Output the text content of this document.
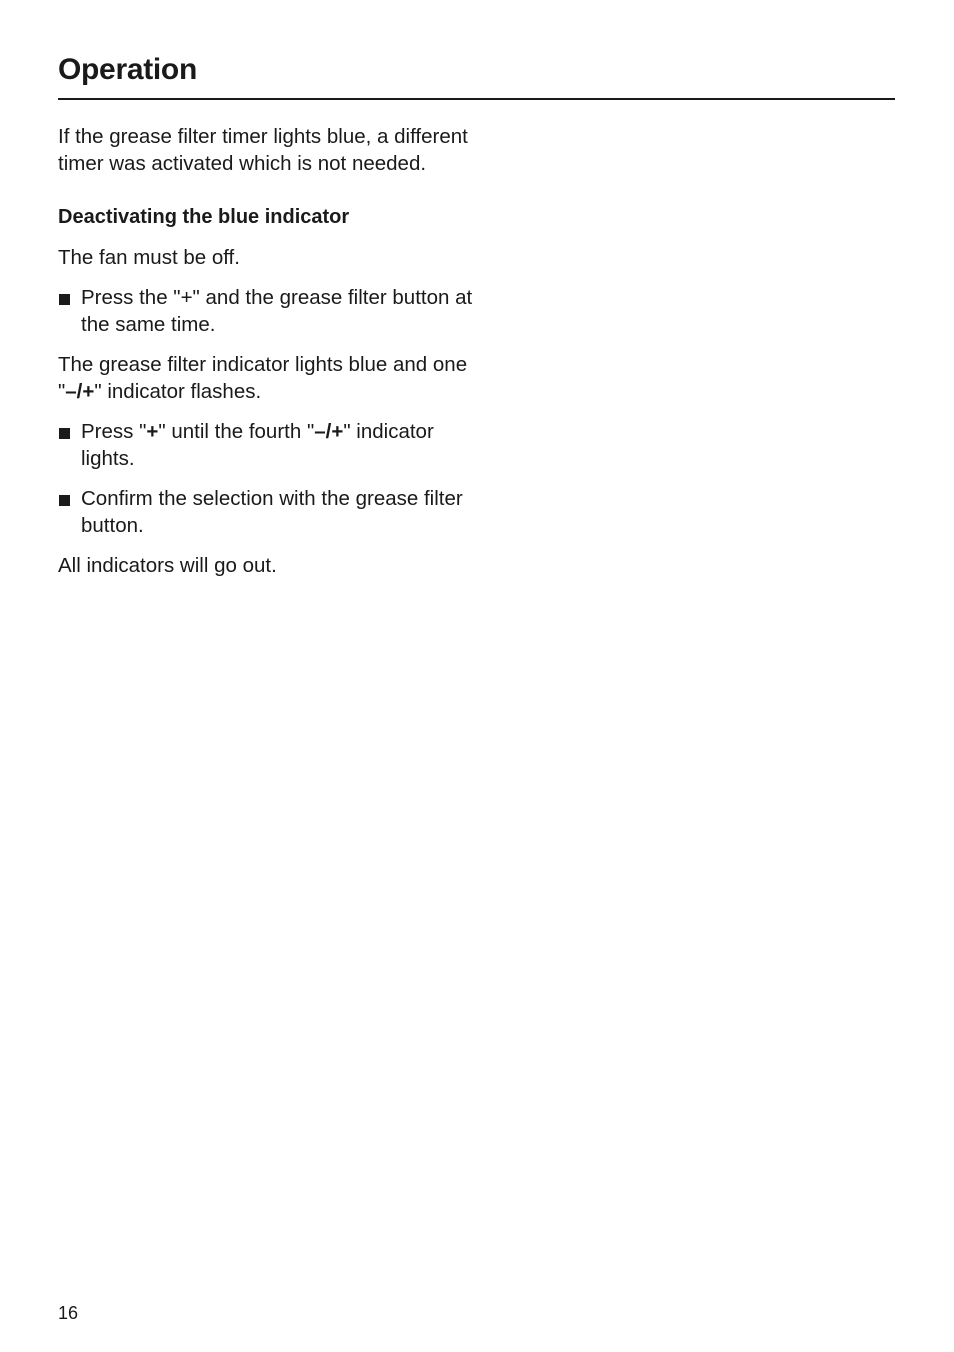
Operation

If the grease filter timer lights blue, a different timer was activated which is not needed.

Deactivating the blue indicator

The fan must be off.

Press the "+" and the grease filter button at the same time.

The grease filter indicator lights blue and one "–/+" indicator flashes.

Press "+" until the fourth "–/+" indicator lights.
Confirm the selection with the grease filter button.

All indicators will go out.

16
